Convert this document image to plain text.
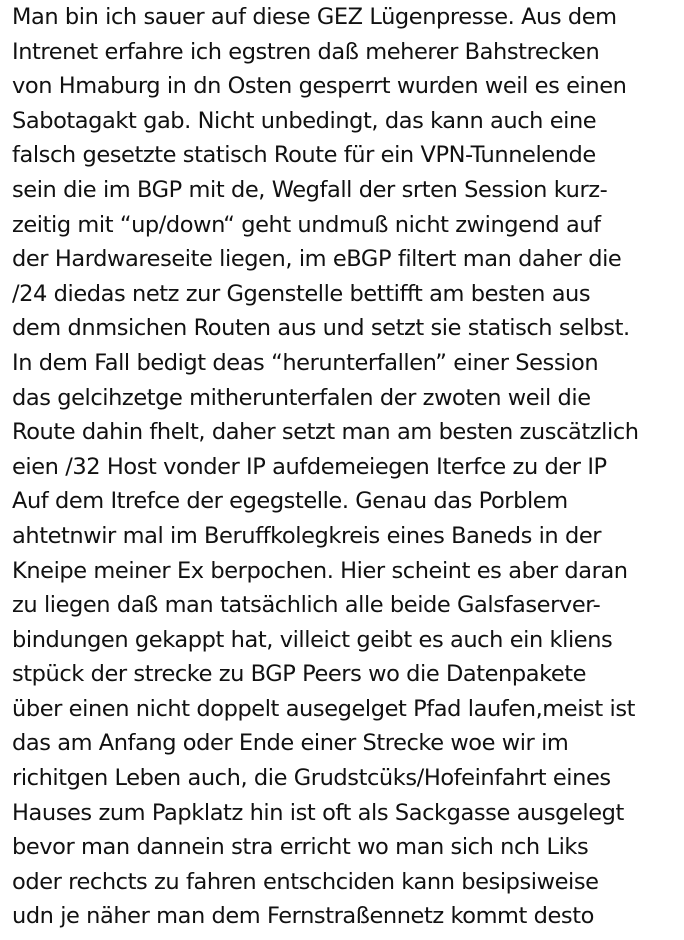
Man bin ich sauer auf diese GEZ Lügenpresse. Aus dem
Intrenet erfahre ich egstren daß meherer Bahstrecken
von Hmaburg in dn Osten gesperrt wurden weil es einen
Sabotagakt gab. Nicht unbedingt, das kann auch eine
falsch gesetzte statisch Route für ein VPN-Tunnelende
sein die im BGP mit de, Wegfall der srten Session kurz-
zeitig mit “up/down“ geht undmuß nicht zwingend auf
der Hardwareseite liegen, im eBGP filtert man daher die
/24 diedas netz zur Ggenstelle bettifft am besten aus
dem dnmsichen Routen aus und setzt sie statisch selbst.
In dem Fall bedigt deas “herunterfallen” einer Session
das gelcihzetge mitherunterfalen der zwoten weil die
Route dahin fhelt, daher setzt man am besten zuscätzlich
eien /32 Host vonder IP aufdemeiegen Iterfce zu der IP
Auf dem Itrefce der egegstelle. Genau das Porblem
ahtetnwir mal im Beruffkolegkreis eines Baneds in der
Kneipe meiner Ex berpochen. Hier scheint es aber daran
zu liegen daß man tatsächlich alle beide Galsfaserver-
bindungen gekappt hat, villeict geibt es auch ein kliens
stpück der strecke zu BGP Peers wo die Datenpakete
über einen nicht doppelt ausegelget Pfad laufen,meist ist
das am Anfang oder Ende einer Strecke woe wir im
richitgen Leben auch, die Grudstcüks/Hofeinfahrt eines
Hauses zum Papklatz hin ist oft als Sackgasse ausgelegt
bevor man dannein stra erricht wo man sich nch Liks
oder rechcts zu fahren entschciden kann besipsiweise
udn je näher man dem Fernstraßennetz kommt desto
